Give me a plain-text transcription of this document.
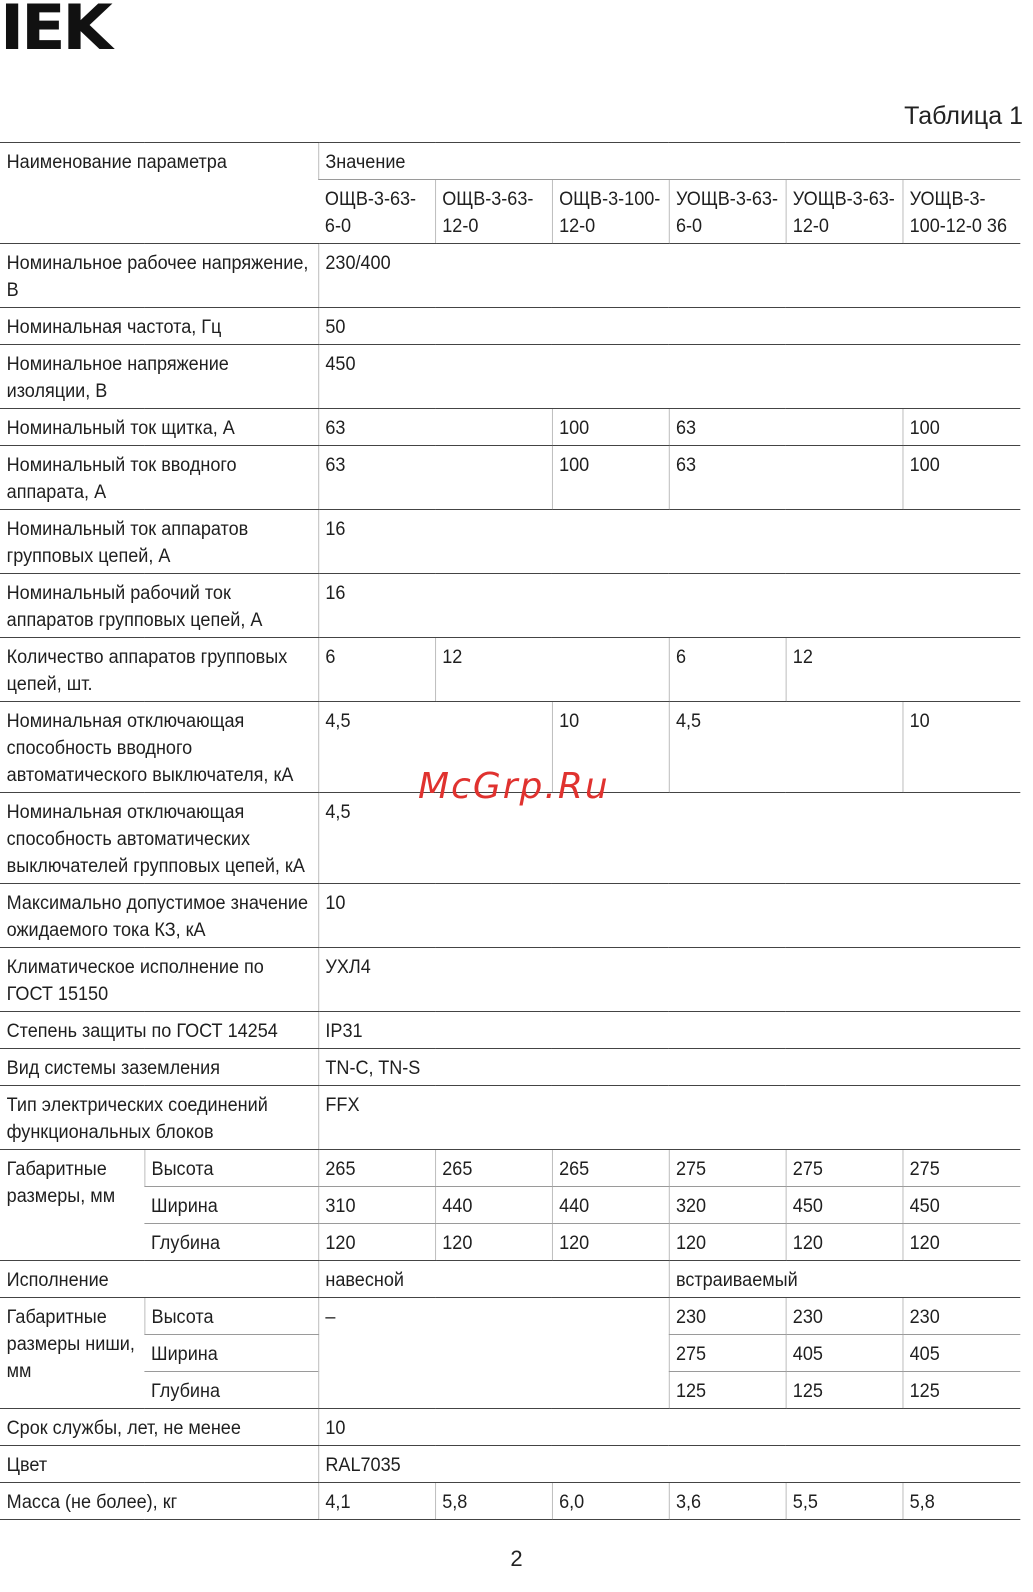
IEK
Таблица 1
Наименование параметра		Значение					
		ОЩВ-3-63-6-0	ОЩВ-3-63-12-0	ОЩВ-3-100-12-0	УОЩВ-3-63-6-0	УОЩВ-3-63-12-0	УОЩВ-3-100-12-0 36
Номинальное рабочее напряжение, В		230/400					
Номинальная частота, Гц		50					
Номинальное напряжение изоляции, В		450					
Номинальный ток щитка, А		63		100	63		100
Номинальный ток вводного аппарата, А		63		100	63		100
Номинальный ток аппаратов групповых цепей, А		16					
Номинальный рабочий ток аппаратов групповых цепей, А		16					
Количество аппаратов групповых цепей, шт.		6	12		6	12	
Номинальная отключающая способность вводного автоматического выключателя, кА		4,5		10	4,5		10
Номинальная отключающая способность автоматических выключателей групповых цепей, кА		4,5					
Максимально допустимое значение ожидаемого тока КЗ, кА		10					
Климатическое исполнение по ГОСТ 15150		УХЛ4					
Степень защиты по ГОСТ 14254		IP31					
Вид системы заземления		TN-C, TN-S					
Тип электрических соединений функциональных блоков		FFX					
Габаритные размеры, мм	Высота	265	265	265	275	275	275
	Ширина	310	440	440	320	450	450
	Глубина	120	120	120	120	120	120
Исполнение		навесной			встраиваемый		
Габаритные размеры ниши, мм	Высота	–			230	230	230
	Ширина				275	405	405
	Глубина				125	125	125
Срок службы, лет, не менее		10					
Цвет		RAL7035					
Масса (не более), кг		4,1	5,8	6,0	3,6	5,5	5,8
McGrp.Ru
2
